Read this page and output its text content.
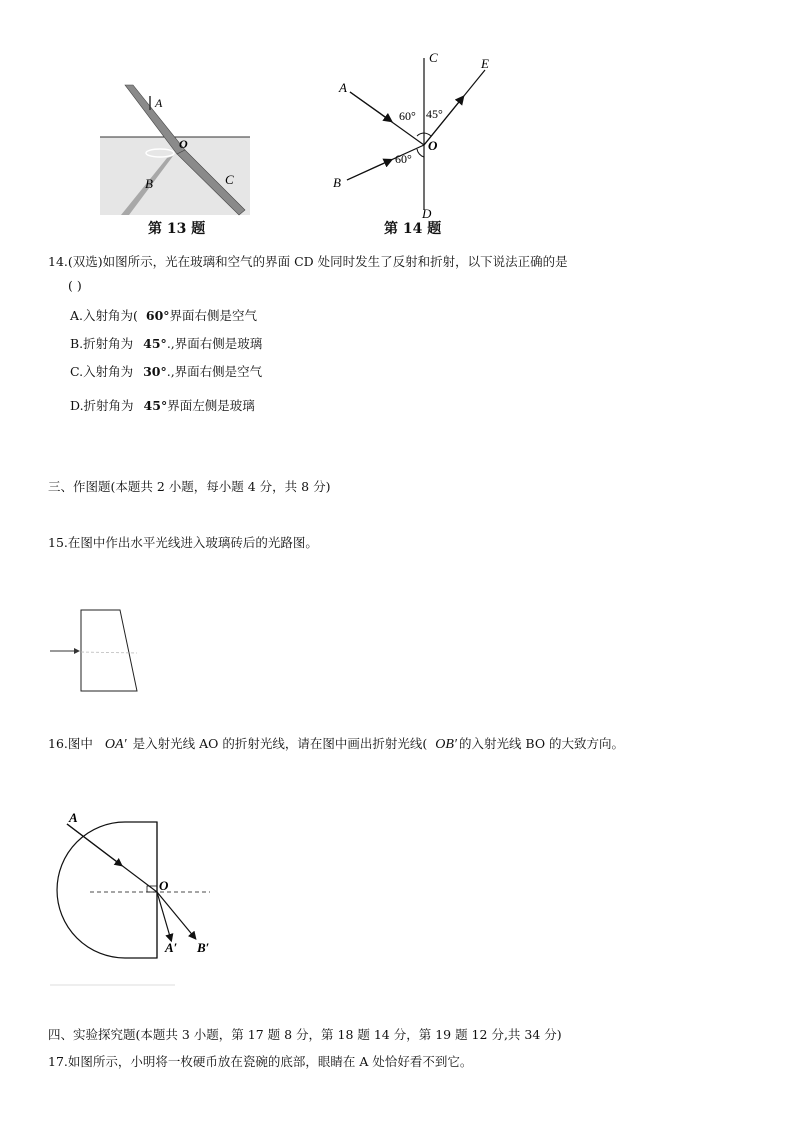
A
O
B	C
第 13 题
C	E
A
60° 45°
O
60°
B
D
第 14 题
14.(双选)如图所示，光在玻璃和空气的界面 CD 处同时发生了反射和折射，以下说法正确的是
( )
A.入射角为( 60°界面右侧是空气
B.折射角为 45°.,界面右侧是玻璃
C.入射角为 30°.,界面右侧是空气
D.折射角为 45°界面左侧是玻璃
三、作图题(本题共 2 小题，每小题 4 分，共 8 分)
15.在图中作出水平光线进入玻璃砖后的光路图。
16.图中 OA′ 是入射光线 AO 的折射光线，请在图中画出折射光线( OB′ 的入射光线 BO 的大致方向。
A
O
A′ B′
四、实验探究题(本题共 3 小题，第 17 题 8 分，第 18 题 14 分，第 19 题 12 分,共 34 分)
17.如图所示，小明将一枚硬币放在瓷碗的底部，眼睛在 A 处恰好看不到它。
